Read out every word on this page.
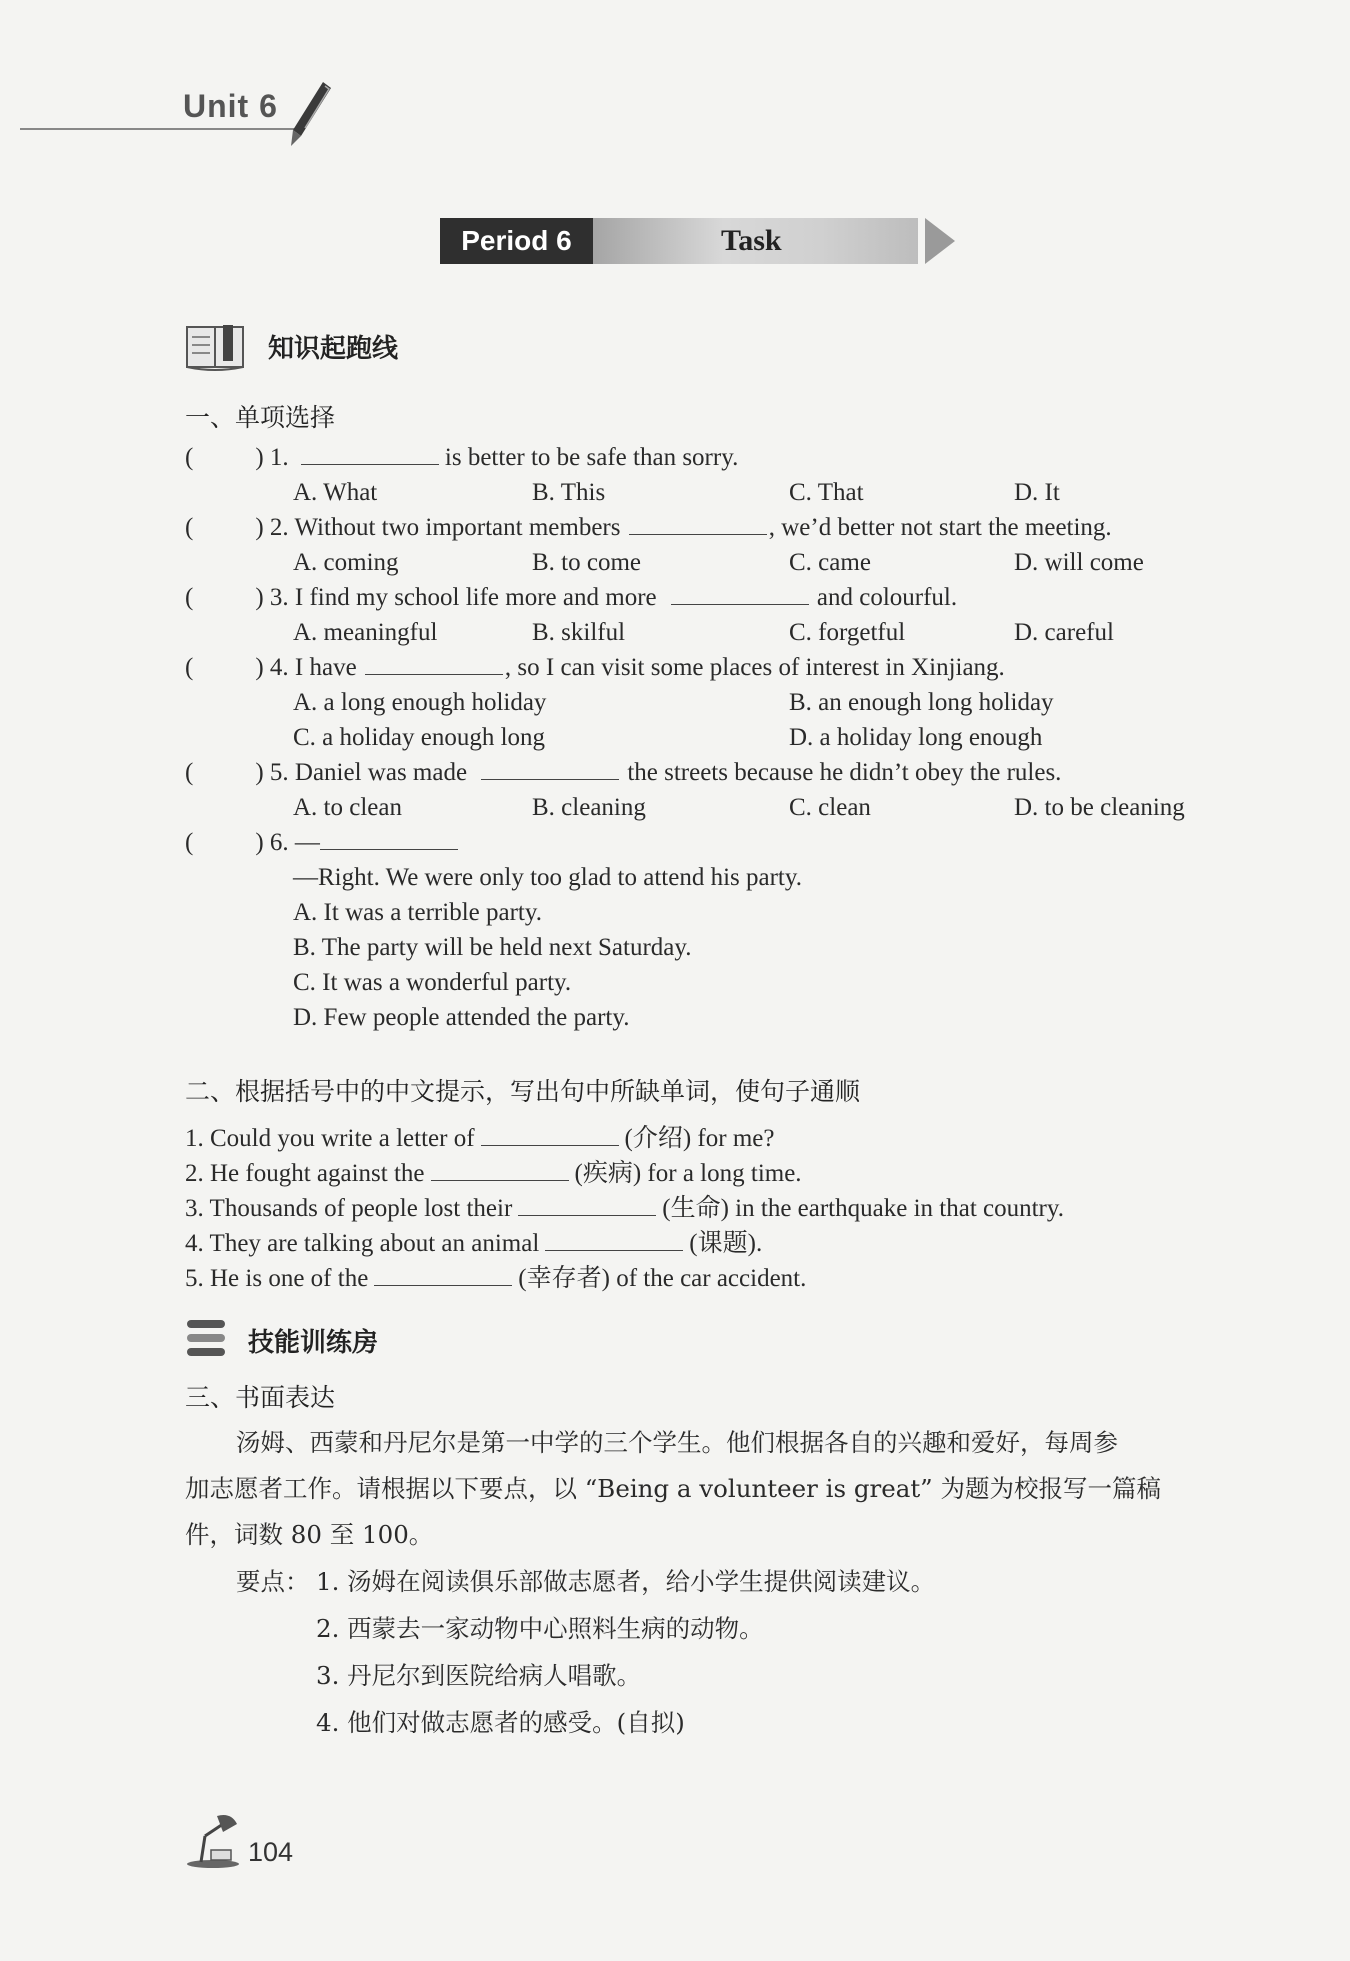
Unit 6
Period 6	Task
知识起跑线
一、单项选择
( ) 1.	is better to be safe than sorry.
A. What	B. This	C. That	D. It
( ) 2. Without two important members	, we’d better not start the meeting.
A. coming	B. to come	C. came	D. will come
( ) 3. I find my school life more and more	and colourful.
A. meaningful	B. skilful	C. forgetful	D. careful
( ) 4. I have	, so I can visit some places of interest in Xinjiang.
A. a long enough holiday	B. an enough long holiday
C. a holiday enough long	D. a holiday long enough
( ) 5. Daniel was made	the streets because he didn’t obey the rules.
A. to clean	B. cleaning	C. clean	D. to be cleaning
( ) 6. —
—Right. We were only too glad to attend his party.
A. It was a terrible party.
B. The party will be held next Saturday.
C. It was a wonderful party.
D. Few people attended the party.
二、根据括号中的中文提示，写出句中所缺单词，使句子通顺
1. Could you write a letter of	(介绍) for me?
2. He fought against the	(疾病) for a long time.
3. Thousands of people lost their	(生命) in the earthquake in that country.
4. They are talking about an animal	(课题).
5. He is one of the	(幸存者) of the car accident.
技能训练房
三、书面表达
汤姆、西蒙和丹尼尔是第一中学的三个学生。他们根据各自的兴趣和爱好，每周参
加志愿者工作。请根据以下要点，以 “Being a volunteer is great” 为题为校报写一篇稿
件，词数 80 至 100。
要点： 1. 汤姆在阅读俱乐部做志愿者，给小学生提供阅读建议。
2. 西蒙去一家动物中心照料生病的动物。
3. 丹尼尔到医院给病人唱歌。
4. 他们对做志愿者的感受。(自拟)
104
